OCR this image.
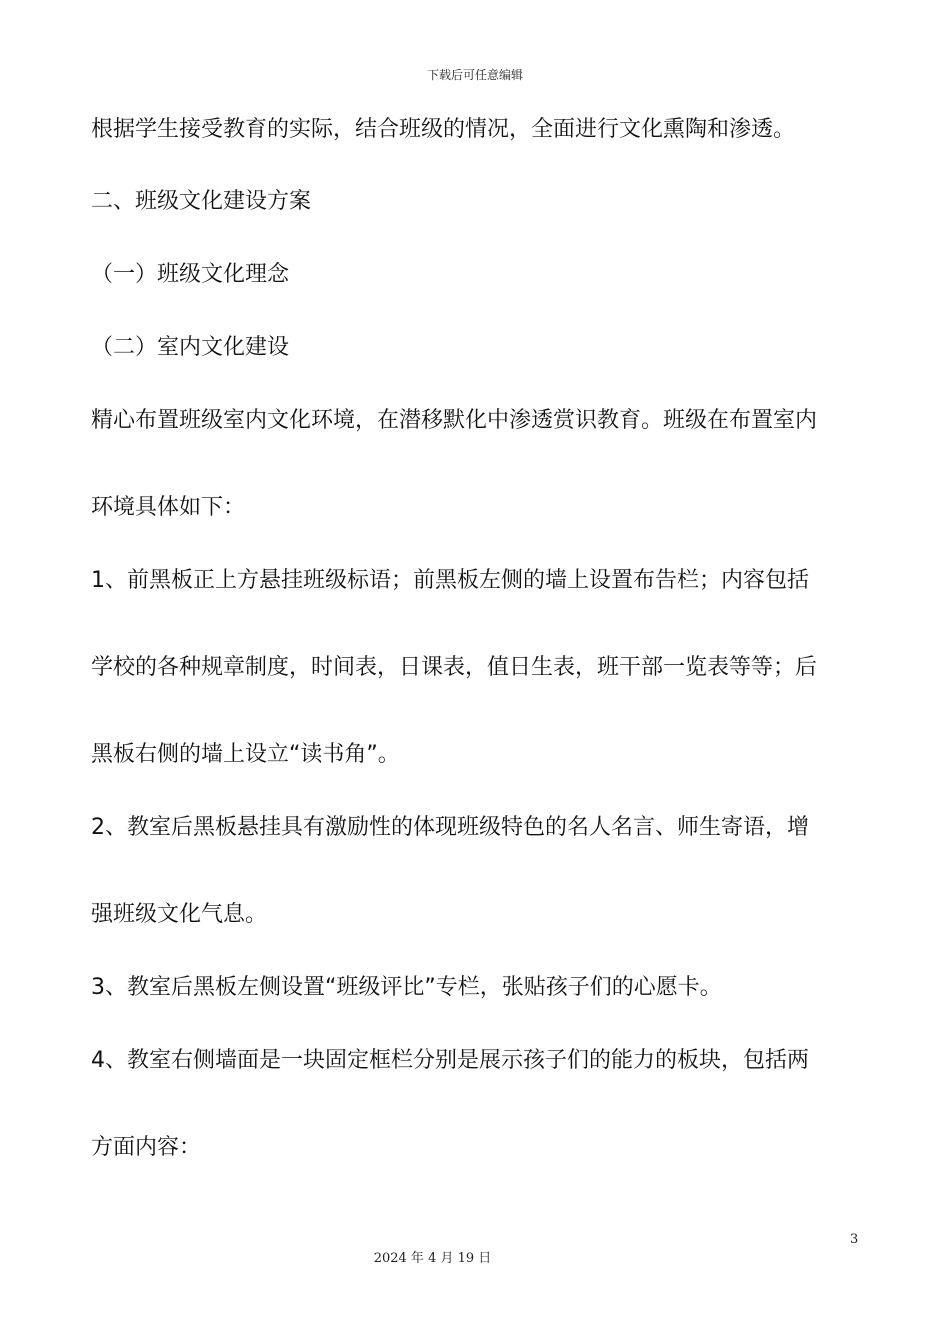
下载后可任意编辑
根据学生接受教育的实际，结合班级的情况，全面进行文化熏陶和渗透。
二、班级文化建设方案
（一）班级文化理念
（二）室内文化建设
精心布置班级室内文化环境，在潜移默化中渗透赏识教育。班级在布置室内
环境具体如下：
1、前黑板正上方悬挂班级标语；前黑板左侧的墙上设置布告栏；内容包括
学校的各种规章制度，时间表，日课表，值日生表，班干部一览表等等；后
黑板右侧的墙上设立“读书角”。
2、教室后黑板悬挂具有激励性的体现班级特色的名人名言、师生寄语，增
强班级文化气息。
3、教室后黑板左侧设置“班级评比”专栏，张贴孩子们的心愿卡。
4、教室右侧墙面是一块固定框栏分别是展示孩子们的能力的板块，包括两
方面内容：
3
2024 年 4 月 19 日
